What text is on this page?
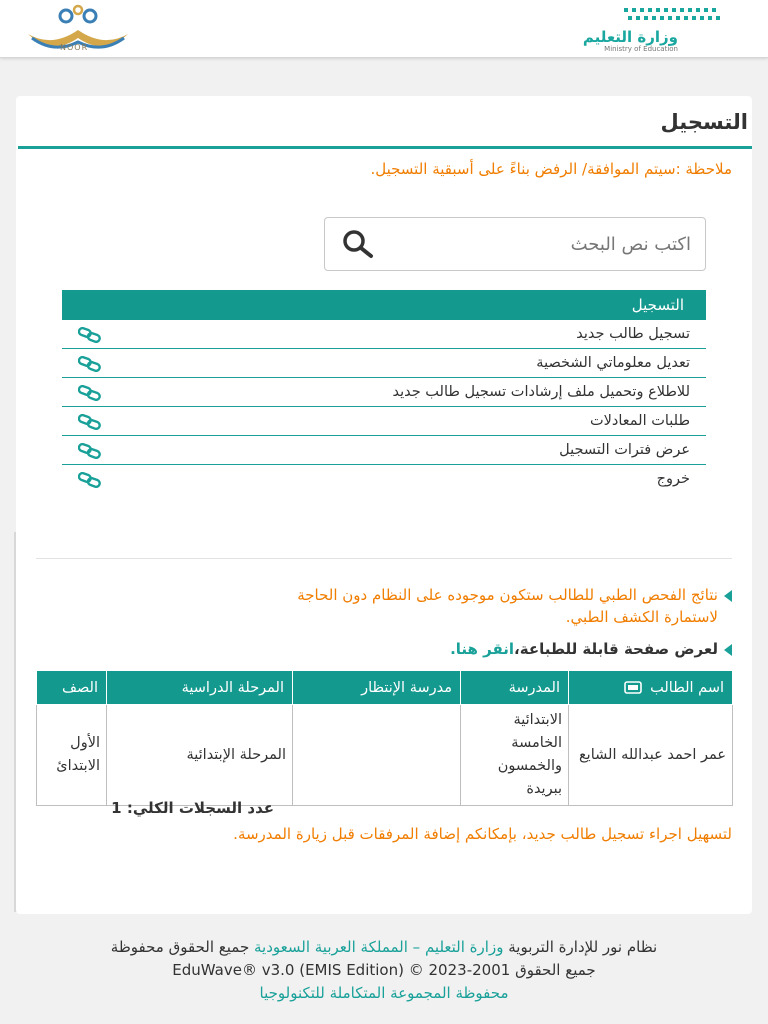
NOOR
وزارة التعليم
Ministry of Education
التسجيل
ملاحظة :سيتم الموافقة/ الرفض بناءً على أسبقية التسجيل.
اكتب نص البحث
التسجيل
تسجيل طالب جديد
تعديل معلوماتي الشخصية
للاطلاع وتحميل ملف إرشادات تسجيل طالب جديد
طلبات المعادلات
عرض فترات التسجيل
خروج
نتائج الفحص الطبي للطالب ستكون موجوده على النظام دون الحاجة
لاستمارة الكشف الطبي.
لعرض صفحة قابلة للطباعة،انقر هنا.
اسم الطالب	المدرسة	مدرسة الإنتظار	المرحلة الدراسية	الصف
عمر احمد عبدالله الشايع	الابتدائية الخامسة والخمسون ببريدة		المرحلة الإبتدائية	الأول الابتدائ
عدد السجلات الكلي: 1
لتسهيل اجراء تسجيل طالب جديد، بإمكانكم إضافة المرفقات قبل زيارة المدرسة.
نظام نور للإدارة التربوية وزارة التعليم – المملكة العربية السعودية جميع الحقوق محفوظة
جميع الحقوق 2001-2023 © EduWave® v3.0 (EMIS Edition)
محفوظة المجموعة المتكاملة للتكنولوجيا
